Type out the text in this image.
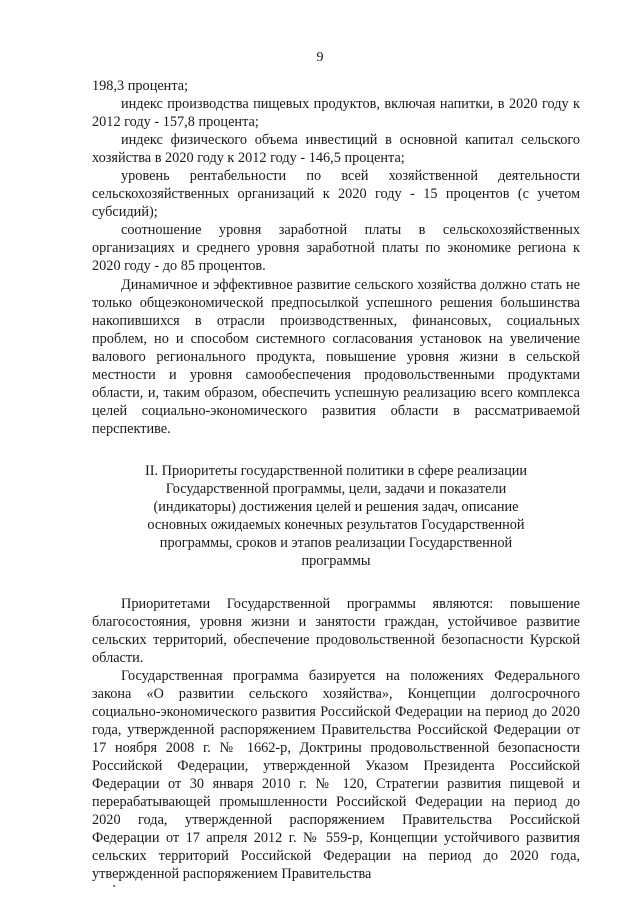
9

198,3 процента;

индекс производства пищевых продуктов, включая напитки, в 2020 году к 2012 году - 157,8 процента;

индекс физического объема инвестиций в основной капитал сельского хозяйства в 2020 году к 2012 году - 146,5 процента;

уровень рентабельности по всей хозяйственной деятельности сельскохозяйственных организаций к 2020 году - 15 процентов (с учетом субсидий);

соотношение уровня заработной платы в сельскохозяйственных организациях и среднего уровня заработной платы по экономике региона к 2020 году - до 85 процентов.

Динамичное и эффективное развитие сельского хозяйства должно стать не только общеэкономической предпосылкой успешного решения большинства накопившихся в отрасли производственных, финансовых, социальных проблем, но и способом системного согласования установок на увеличение валового регионального продукта, повышение уровня жизни в сельской местности и уровня самообеспечения продовольственными продуктами области, и, таким образом, обеспечить успешную реализацию всего комплекса целей социально-экономического развития области в рассматриваемой перспективе.

II. Приоритеты государственной политики в сфере реализации
Государственной программы, цели, задачи и показатели
(индикаторы) достижения целей и решения задач, описание
основных ожидаемых конечных результатов Государственной
программы, сроков и этапов реализации Государственной
программы

Приоритетами Государственной программы являются: повышение благосостояния, уровня жизни и занятости граждан, устойчивое развитие сельских территорий, обеспечение продовольственной безопасности Курской области.

Государственная программа базируется на положениях Федерального закона «О развитии сельского хозяйства», Концепции долгосрочного социально-экономического развития Российской Федерации на период до 2020 года, утвержденной распоряжением Правительства Российской Федерации от 17 ноября 2008 г. № 1662-р, Доктрины продовольственной безопасности Российской Федерации, утвержденной Указом Президента Российской Федерации от 30 января 2010 г. № 120, Стратегии развития пищевой и перерабатывающей промышленности Российской Федерации на период до 2020 года, утвержденной распоряжением Правительства Российской Федерации от 17 апреля 2012 г. № 559-р, Концепции устойчивого развития сельских территорий Российской Федерации на период до 2020 года, утвержденной распоряжением Правительства
